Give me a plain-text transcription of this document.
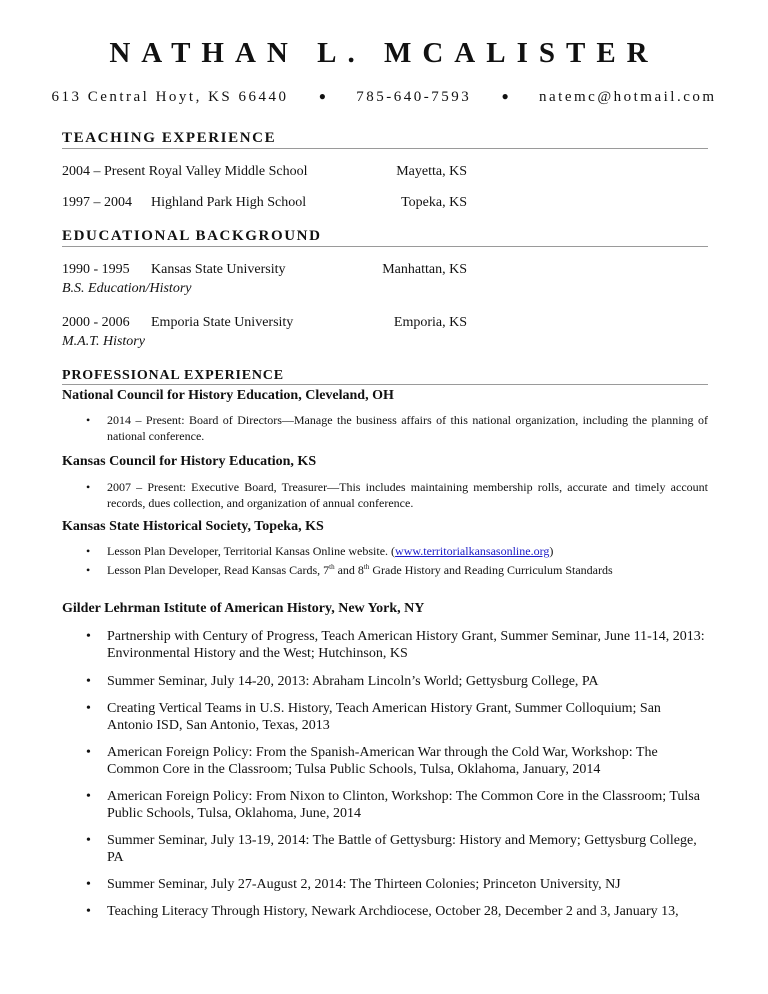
NATHAN L. MCALISTER
613 Central Hoyt, KS 66440	● 785-640-7593	● natemc@hotmail.com
TEACHING EXPERIENCE
2004 – Present Royal Valley Middle School	Mayetta, KS
1997 – 2004 Highland Park High School	Topeka, KS
EDUCATIONAL BACKGROUND
1990 - 1995 Kansas State University	Manhattan, KS
B.S. Education/History
2000 - 2006 Emporia State University	Emporia, KS
M.A.T. History
PROFESSIONAL EXPERIENCE
National Council for History Education, Cleveland, OH
• 2014 – Present: Board of Directors—Manage the business affairs of this national organization, including the planning of national conference.
Kansas Council for History Education, KS
• 2007 – Present: Executive Board, Treasurer—This includes maintaining membership rolls, accurate and timely account records, dues collection, and organization of annual conference.
Kansas State Historical Society, Topeka, KS
• Lesson Plan Developer, Territorial Kansas Online website. (www.territorialkansasonline.org)
• Lesson Plan Developer, Read Kansas Cards, 7th and 8th Grade History and Reading Curriculum Standards
Gilder Lehrman Istitute of American History, New York, NY
• Partnership with Century of Progress, Teach American History Grant, Summer Seminar, June 11-14, 2013: Environmental History and the West; Hutchinson, KS
• Summer Seminar, July 14-20, 2013: Abraham Lincoln’s World; Gettysburg College, PA
• Creating Vertical Teams in U.S. History, Teach American History Grant, Summer Colloquium; San Antonio ISD, San Antonio, Texas, 2013
• American Foreign Policy: From the Spanish-American War through the Cold War, Workshop: The Common Core in the Classroom; Tulsa Public Schools, Tulsa, Oklahoma, January, 2014
• American Foreign Policy: From Nixon to Clinton, Workshop: The Common Core in the Classroom; Tulsa Public Schools, Tulsa, Oklahoma, June, 2014
• Summer Seminar, July 13-19, 2014: The Battle of Gettysburg: History and Memory; Gettysburg College, PA
• Summer Seminar, July 27-August 2, 2014: The Thirteen Colonies; Princeton University, NJ
• Teaching Literacy Through History, Newark Archdiocese, October 28, December 2 and 3, January 13,
